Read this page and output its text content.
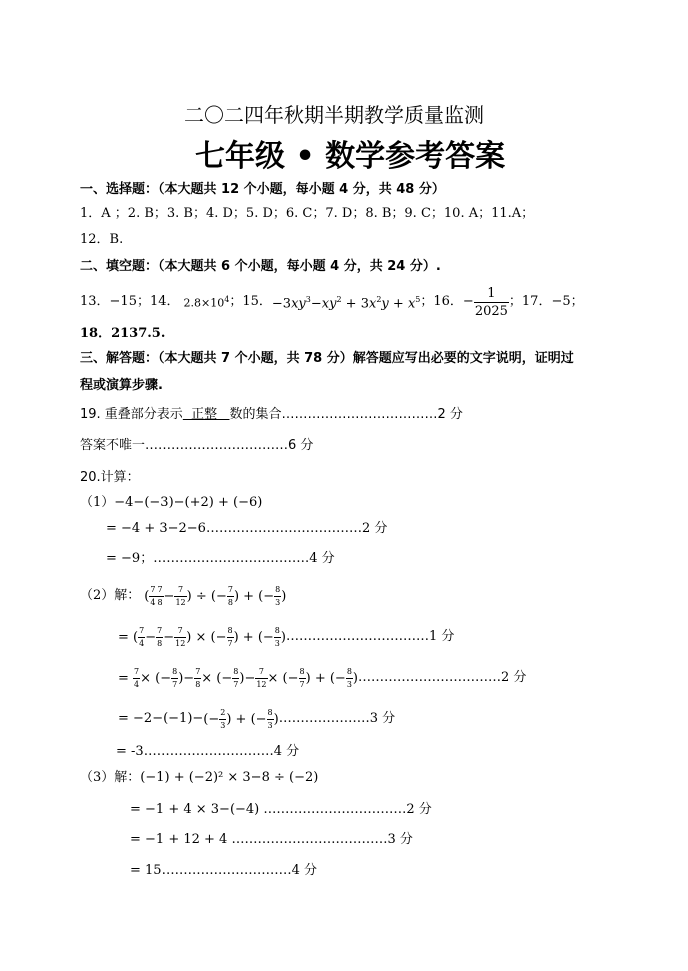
二〇二四年秋期半期教学质量监测
七年级 • 数学参考答案
一、选择题：（本大题共 12 个小题，每小题 4 分，共 48 分）
1．A ；2. B；3. B；4. D；5. D；6. C；7. D；8. B；9. C；10. A；11.A；
12．B.
二、填空题：（本大题共 6 个小题，每小题 4 分，共 24 分）.
13．−15；14． $2.8\times 10^4$ ；15． $-3xy^3-xy^2 + 3x^2y + x^5$ ；16．− $\frac{1}{2025}$ ；17．−5；
18．2137.5.
三、解答题：（本大题共 7 个小题，共 78 分）解答题应写出必要的文字说明，证明过
程或演算步骤.
19. 重叠部分表示  正整   数的集合………………………………2 分
答案不唯一……………………………6 分
20.计算：
（1）−4−(−3)−(+2) + (−6)
= −4 + 3−2−6………………………………2 分
= −9；………………………………4 分
（2）解： ( $\frac{7}{4} \frac{7}{8} - \frac{7}{12}$ ) ÷ (− $\frac{7}{8}$ ) + (− $\frac{8}{3}$ )
= ( $\frac{7}{4} - \frac{7}{8} - \frac{7}{12}$ ) × (− $\frac{8}{7}$ ) + (− $\frac{8}{3}$ ) ……………………………1 分
= $\frac{7}{4}$ × (− $\frac{8}{7}$ )− $\frac{7}{8}$ × (− $\frac{8}{7}$ )− $\frac{7}{12}$ × (− $\frac{8}{7}$ ) + (− $\frac{8}{3}$ ) ……………………………2 分
= −2−(−1)− (− $\frac{2}{3}$ ) + (− $\frac{8}{3}$ ) …………………3 分
= -3…………………………4 分
（3）解：(−1) + (−2)² × 3−8 ÷ (−2)
= −1 + 4 × 3−(−4) ……………………………2 分
= −1 + 12 + 4 ………………………………3 分
= 15…………………………4 分
